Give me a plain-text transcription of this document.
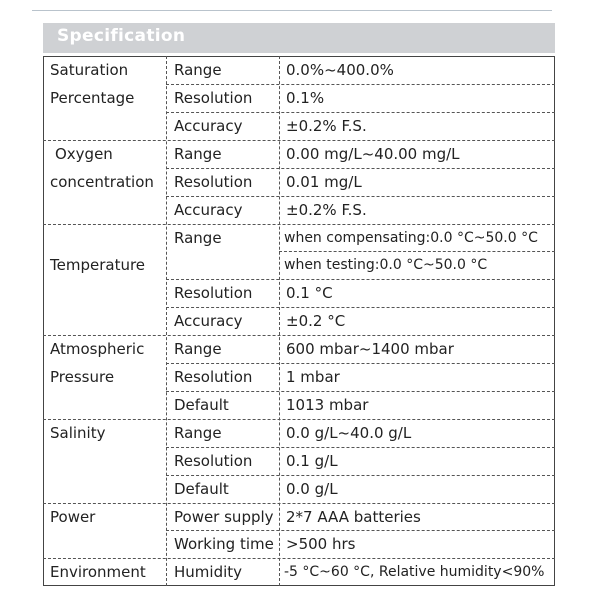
Specification
Saturation
Percentage
Oxygen
concentration
Temperature
Atmospheric
Pressure
Salinity
Power
Environment
Range
Resolution
Accuracy
Range
Resolution
Accuracy
Range
Resolution
Accuracy
Range
Resolution
Default
Range
Resolution
Default
Power supply
Working time
Humidity
0.0%~400.0%
0.1%
±0.2% F.S.
0.00 mg/L~40.00 mg/L
0.01 mg/L
±0.2% F.S.
when compensating:0.0 °C~50.0 °C
when testing:0.0 °C~50.0 °C
0.1 °C
±0.2 °C
600 mbar~1400 mbar
1 mbar
1013 mbar
0.0 g/L~40.0 g/L
0.1 g/L
0.0 g/L
2*7 AAA batteries
>500 hrs
-5 °C~60 °C, Relative humidity<90%
